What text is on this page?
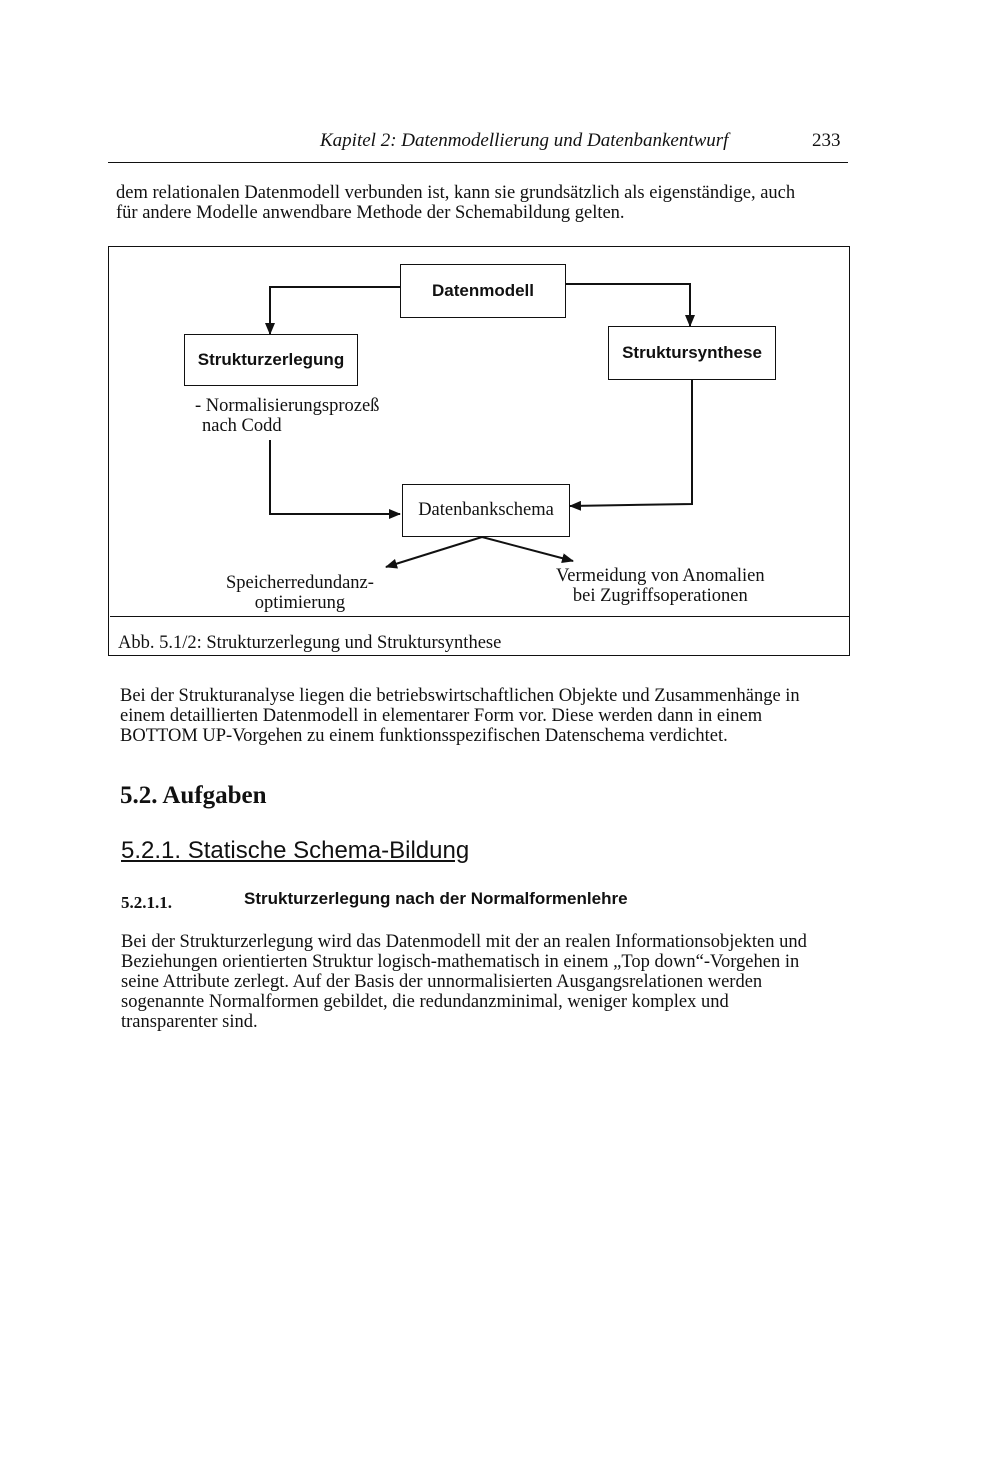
Kapitel 2: Datenmodellierung und Datenbankentwurf	233
dem relationalen Datenmodell verbunden ist, kann sie grundsätzlich als eigenständige, auch
für andere Modelle anwendbare Methode der Schemabildung gelten.
Datenmodell
Strukturzerlegung	Struktursynthese
Datenbankschema
- Normalisierungsprozeß
nach Codd
Speicherredundanz-
optimierung
Vermeidung von Anomalien
bei Zugriffsoperationen
Abb. 5.1/2: Strukturzerlegung und Struktursynthese
Bei der Strukturanalyse liegen die betriebswirtschaftlichen Objekte und Zusammenhänge in
einem detaillierten Datenmodell in elementarer Form vor. Diese werden dann in einem
BOTTOM UP-Vorgehen zu einem funktionsspezifischen Datenschema verdichtet.
5.2. Aufgaben
5.2.1. Statische Schema-Bildung
5.2.1.1.	Strukturzerlegung nach der Normalformenlehre
Bei der Strukturzerlegung wird das Datenmodell mit der an realen Informationsobjekten und
Beziehungen orientierten Struktur logisch-mathematisch in einem „Top down“-Vorgehen in
seine Attribute zerlegt. Auf der Basis der unnormalisierten Ausgangsrelationen werden
sogenannte Normalformen gebildet, die redundanzminimal, weniger komplex und
transparenter sind.
